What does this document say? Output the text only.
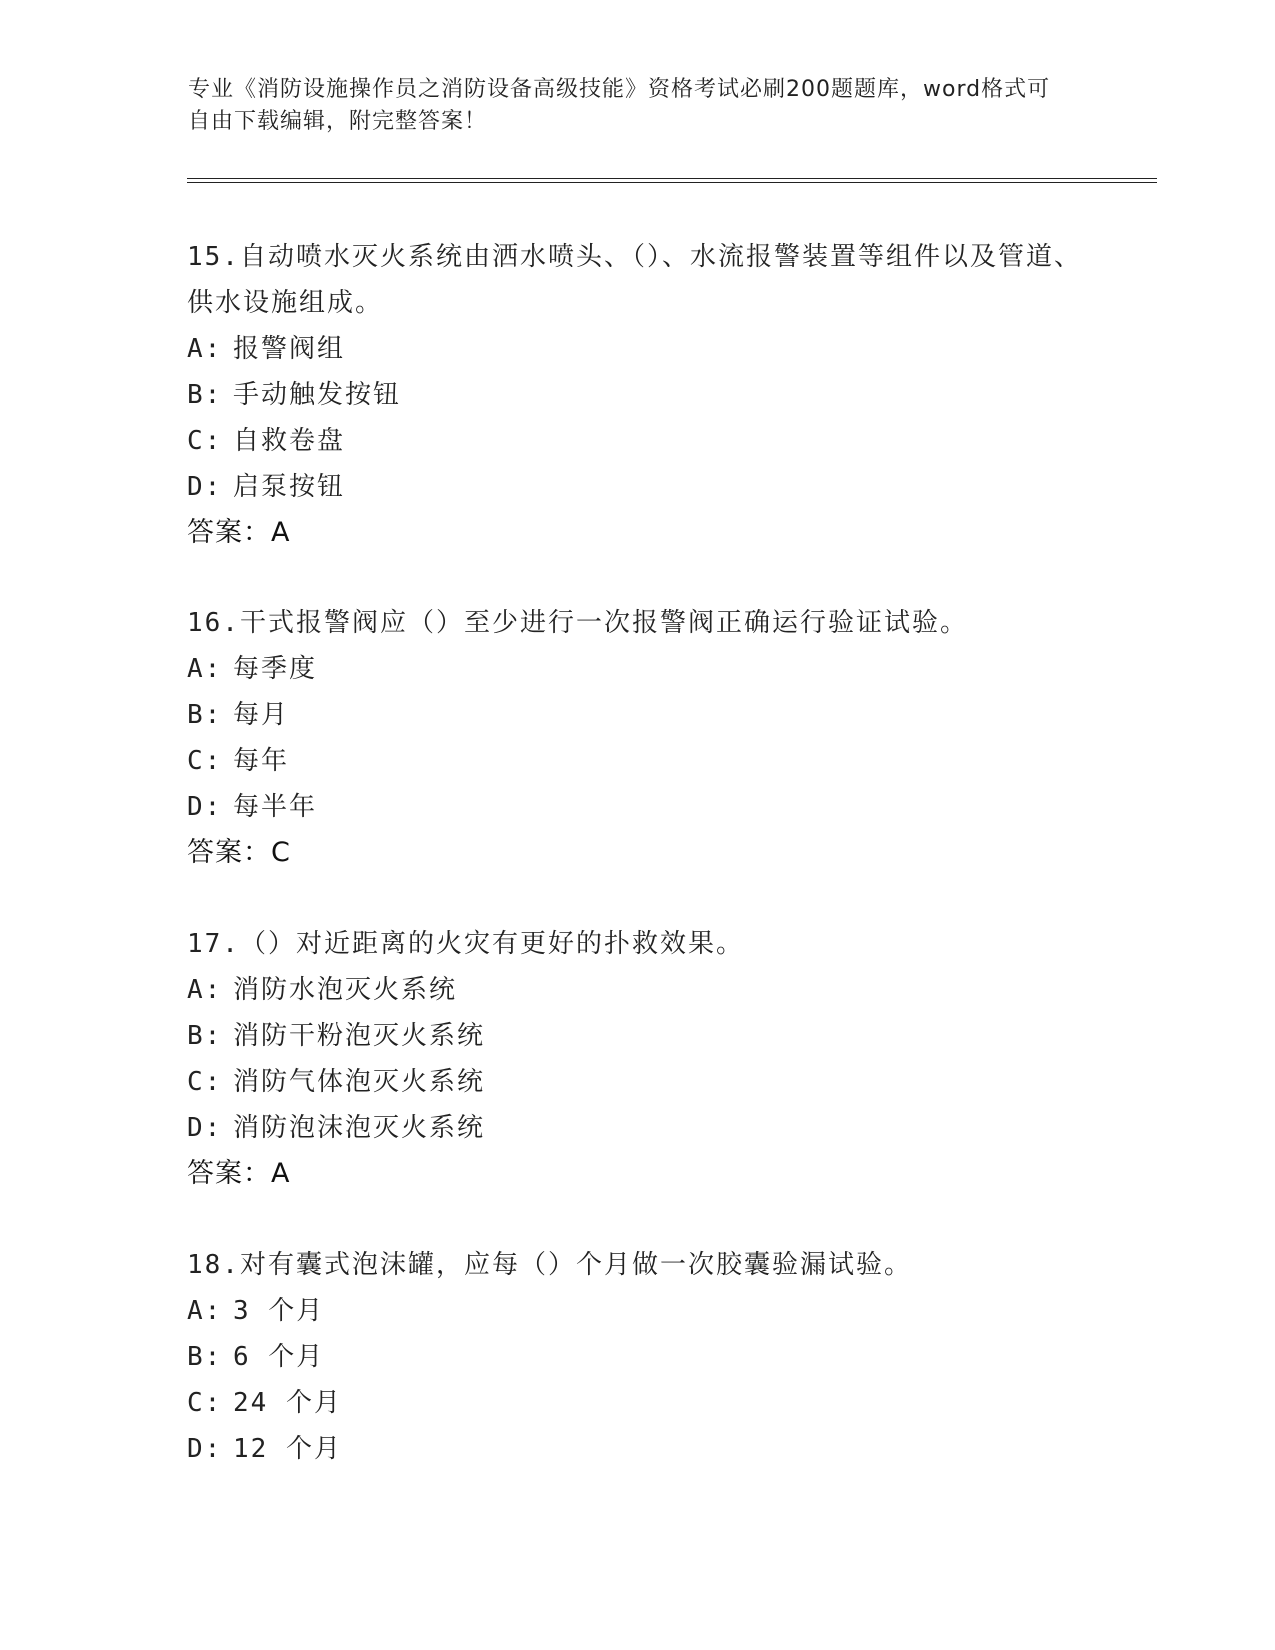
专业《消防设施操作员之消防设备高级技能》资格考试必刷200题题库，word格式可自由下载编辑，附完整答案！
15.自动喷水灭火系统由洒水喷头、（）、水流报警装置等组件以及管道、供水设施组成。
A: 报警阀组
B: 手动触发按钮
C: 自救卷盘
D: 启泵按钮
答案：A
16.干式报警阀应（）至少进行一次报警阀正确运行验证试验。
A: 每季度
B: 每月
C: 每年
D: 每半年
答案：C
17.（）对近距离的火灾有更好的扑救效果。
A: 消防水泡灭火系统
B: 消防干粉泡灭火系统
C: 消防气体泡灭火系统
D: 消防泡沫泡灭火系统
答案：A
18.对有囊式泡沫罐，应每（）个月做一次胶囊验漏试验。
A: 3 个月
B: 6 个月
C: 24 个月
D: 12 个月
